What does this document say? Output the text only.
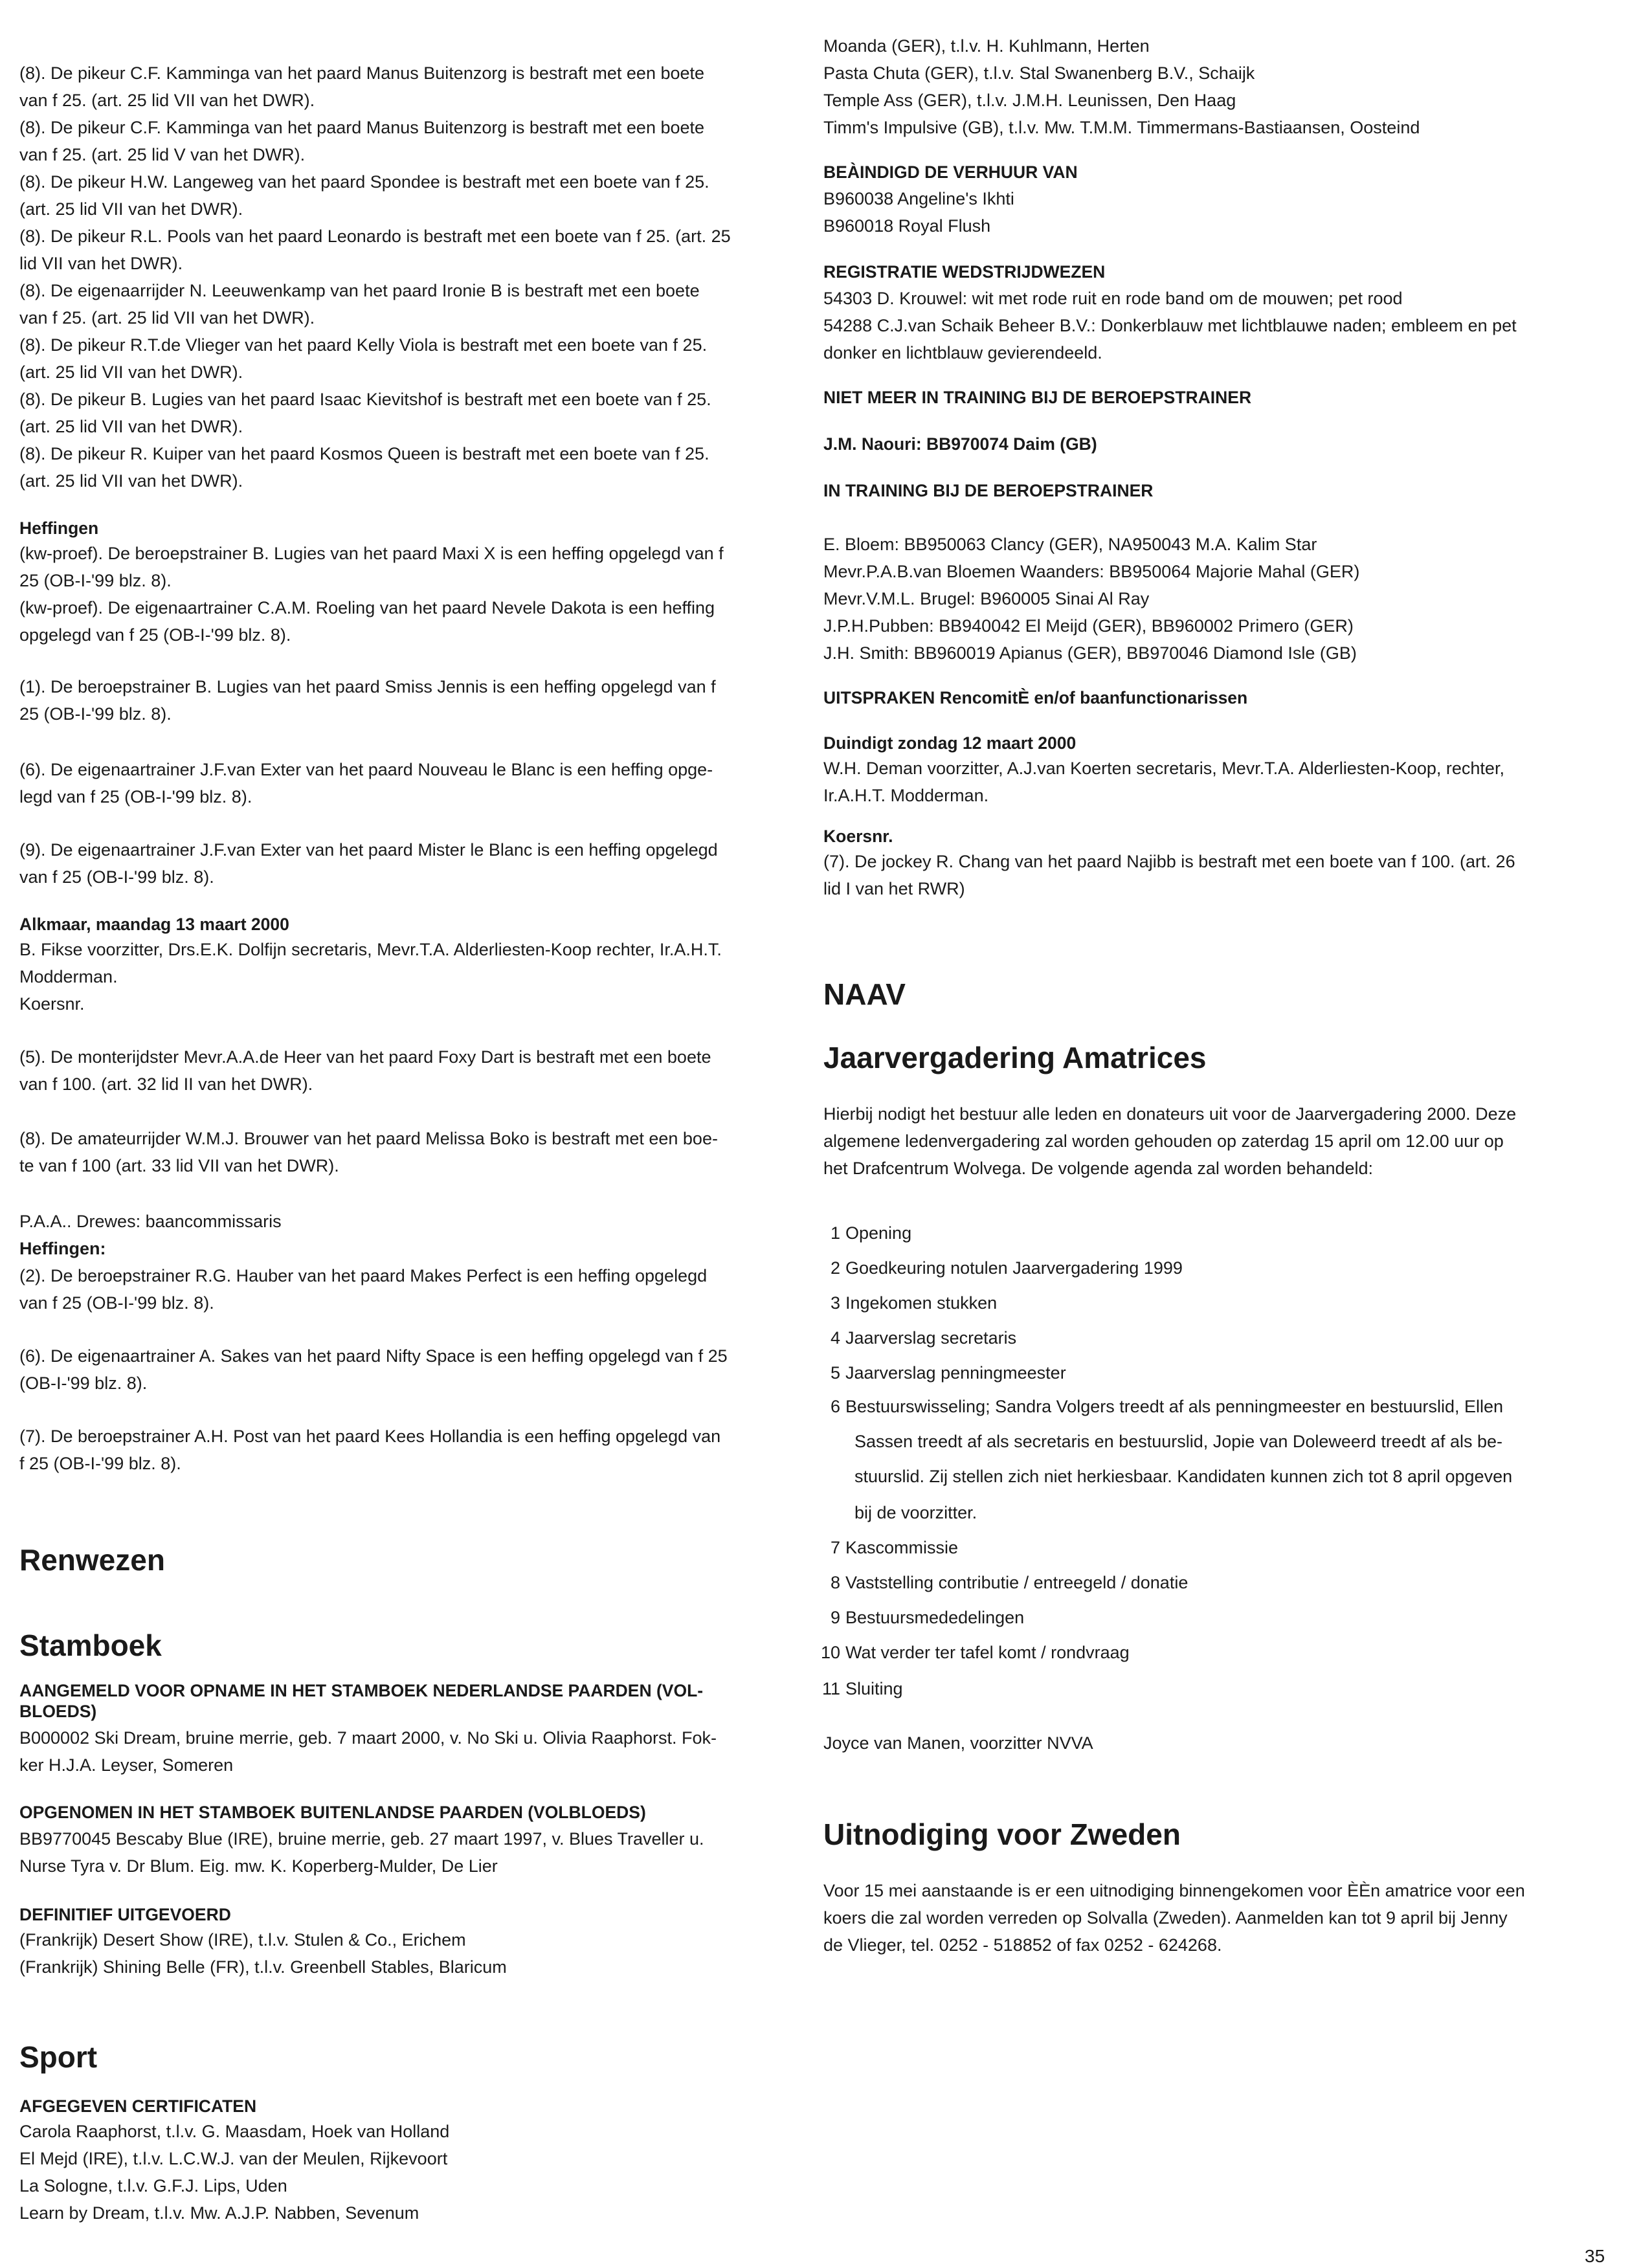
(8). De pikeur C.F. Kamminga van het paard Manus Buitenzorg is bestraft met een boete
van f 25. (art. 25 lid VII van het DWR).
(8). De pikeur C.F. Kamminga van het paard Manus Buitenzorg is bestraft met een boete
van f 25. (art. 25 lid V van het DWR).
(8). De pikeur H.W. Langeweg van het paard Spondee is bestraft met een boete van f 25.
(art. 25 lid VII van het DWR).
(8). De pikeur R.L. Pools van het paard Leonardo is bestraft met een boete van f 25. (art. 25
lid VII van het DWR).
(8). De eigenaarrijder N. Leeuwenkamp van het paard Ironie B is bestraft met een boete
van f 25. (art. 25 lid VII van het DWR).
(8). De pikeur R.T.de Vlieger van het paard Kelly Viola is bestraft met een boete van f 25.
(art. 25 lid VII van het DWR).
(8). De pikeur B. Lugies van het paard Isaac Kievitshof is bestraft met een boete van f 25.
(art. 25 lid VII van het DWR).
(8). De pikeur R. Kuiper van het paard Kosmos Queen is bestraft met een boete van f 25.
(art. 25 lid VII van het DWR).
Heffingen
(kw-proef). De beroepstrainer B. Lugies van het paard Maxi X is een heffing opgelegd van f
25 (OB-I-'99 blz. 8).
(kw-proef). De eigenaartrainer C.A.M. Roeling van het paard Nevele Dakota is een heffing
opgelegd van f 25 (OB-I-'99 blz. 8).
(1). De beroepstrainer B. Lugies van het paard Smiss Jennis is een heffing opgelegd van f
25 (OB-I-'99 blz. 8).
(6). De eigenaartrainer J.F.van Exter van het paard Nouveau le Blanc is een heffing opge-
legd van f 25 (OB-I-'99 blz. 8).
(9). De eigenaartrainer J.F.van Exter van het paard Mister le Blanc is een heffing opgelegd
van f 25 (OB-I-'99 blz. 8).
Alkmaar, maandag 13 maart 2000
B. Fikse voorzitter, Drs.E.K. Dolfijn secretaris, Mevr.T.A. Alderliesten-Koop rechter, Ir.A.H.T.
Modderman.
Koersnr.
(5). De monterijdster Mevr.A.A.de Heer van het paard Foxy Dart is bestraft met een boete
van f 100. (art. 32 lid II van het DWR).
(8). De amateurrijder W.M.J. Brouwer van het paard Melissa Boko is bestraft met een boe-
te van f 100 (art. 33 lid VII van het DWR).
P.A.A.. Drewes: baancommissaris
Heffingen:
(2). De beroepstrainer R.G. Hauber van het paard Makes Perfect is een heffing opgelegd
van f 25 (OB-I-'99 blz. 8).
(6). De eigenaartrainer A. Sakes van het paard Nifty Space is een heffing opgelegd van f 25
(OB-I-'99 blz. 8).
(7). De beroepstrainer A.H. Post van het paard Kees Hollandia is een heffing opgelegd van
f 25 (OB-I-'99 blz. 8).
Renwezen
Stamboek
AANGEMELD VOOR OPNAME IN HET STAMBOEK NEDERLANDSE PAARDEN (VOL-
BLOEDS)
B000002 Ski Dream, bruine merrie, geb. 7 maart 2000, v. No Ski u. Olivia Raaphorst. Fok-
ker H.J.A. Leyser, Someren
OPGENOMEN IN HET STAMBOEK BUITENLANDSE PAARDEN (VOLBLOEDS)
BB9770045 Bescaby Blue (IRE), bruine merrie, geb. 27 maart 1997, v. Blues Traveller u.
Nurse Tyra v. Dr Blum. Eig. mw. K. Koperberg-Mulder, De Lier
DEFINITIEF UITGEVOERD
(Frankrijk) Desert Show (IRE), t.l.v. Stulen & Co., Erichem
(Frankrijk) Shining Belle (FR), t.l.v. Greenbell Stables, Blaricum
Sport
AFGEGEVEN CERTIFICATEN
Carola Raaphorst, t.l.v. G. Maasdam, Hoek van Holland
El Mejd (IRE), t.l.v. L.C.W.J. van der Meulen, Rijkevoort
La Sologne, t.l.v. G.F.J. Lips, Uden
Learn by Dream, t.l.v. Mw. A.J.P. Nabben, Sevenum
Moanda (GER), t.l.v. H. Kuhlmann, Herten
Pasta Chuta (GER), t.l.v. Stal Swanenberg B.V., Schaijk
Temple Ass (GER), t.l.v. J.M.H. Leunissen, Den Haag
Timm's Impulsive (GB), t.l.v. Mw. T.M.M. Timmermans-Bastiaansen, Oosteind
BEÀINDIGD DE VERHUUR VAN
B960038 Angeline's Ikhti
B960018 Royal Flush
REGISTRATIE WEDSTRIJDWEZEN
54303 D. Krouwel: wit met rode ruit en rode band om de mouwen; pet rood
54288 C.J.van Schaik Beheer B.V.: Donkerblauw met lichtblauwe naden; embleem en pet
donker en lichtblauw gevierendeeld.
NIET MEER IN TRAINING BIJ DE BEROEPSTRAINER
J.M. Naouri: BB970074 Daim (GB)
IN TRAINING BIJ DE BEROEPSTRAINER
E. Bloem: BB950063 Clancy (GER), NA950043 M.A. Kalim Star
Mevr.P.A.B.van Bloemen Waanders: BB950064 Majorie Mahal (GER)
Mevr.V.M.L. Brugel: B960005 Sinai Al Ray
J.P.H.Pubben: BB940042 El Meijd (GER), BB960002 Primero (GER)
J.H. Smith: BB960019 Apianus (GER), BB970046 Diamond Isle (GB)
UITSPRAKEN RencomitÈ en/of baanfunctionarissen
Duindigt zondag 12 maart 2000
W.H. Deman voorzitter, A.J.van Koerten secretaris, Mevr.T.A. Alderliesten-Koop, rechter,
Ir.A.H.T. Modderman.
Koersnr.
(7). De jockey R. Chang van het paard Najibb is bestraft met een boete van f 100. (art. 26
lid I van het RWR)
NAAV
Jaarvergadering Amatrices
Hierbij nodigt het bestuur alle leden en donateurs uit voor de Jaarvergadering 2000. Deze
algemene ledenvergadering zal worden gehouden op zaterdag 15 april om 12.00 uur op
het Drafcentrum Wolvega. De volgende agenda zal worden behandeld:
1 Opening
2 Goedkeuring notulen Jaarvergadering 1999
3 Ingekomen stukken
4 Jaarverslag secretaris
5 Jaarverslag penningmeester
6 Bestuurswisseling; Sandra Volgers treedt af als penningmeester en bestuurslid, Ellen
Sassen treedt af als secretaris en bestuurslid, Jopie van Doleweerd treedt af als be-
stuurslid. Zij stellen zich niet herkiesbaar. Kandidaten kunnen zich tot 8 april opgeven
bij de voorzitter.
7 Kascommissie
8 Vaststelling contributie / entreegeld / donatie
9 Bestuursmededelingen
10 Wat verder ter tafel komt / rondvraag
11 Sluiting
Joyce van Manen, voorzitter NVVA
Uitnodiging voor Zweden
Voor 15 mei aanstaande is er een uitnodiging binnengekomen voor ÈÈn amatrice voor een
koers die zal worden verreden op Solvalla (Zweden). Aanmelden kan tot 9 april bij Jenny
de Vlieger, tel. 0252 - 518852 of fax 0252 - 624268.
35
